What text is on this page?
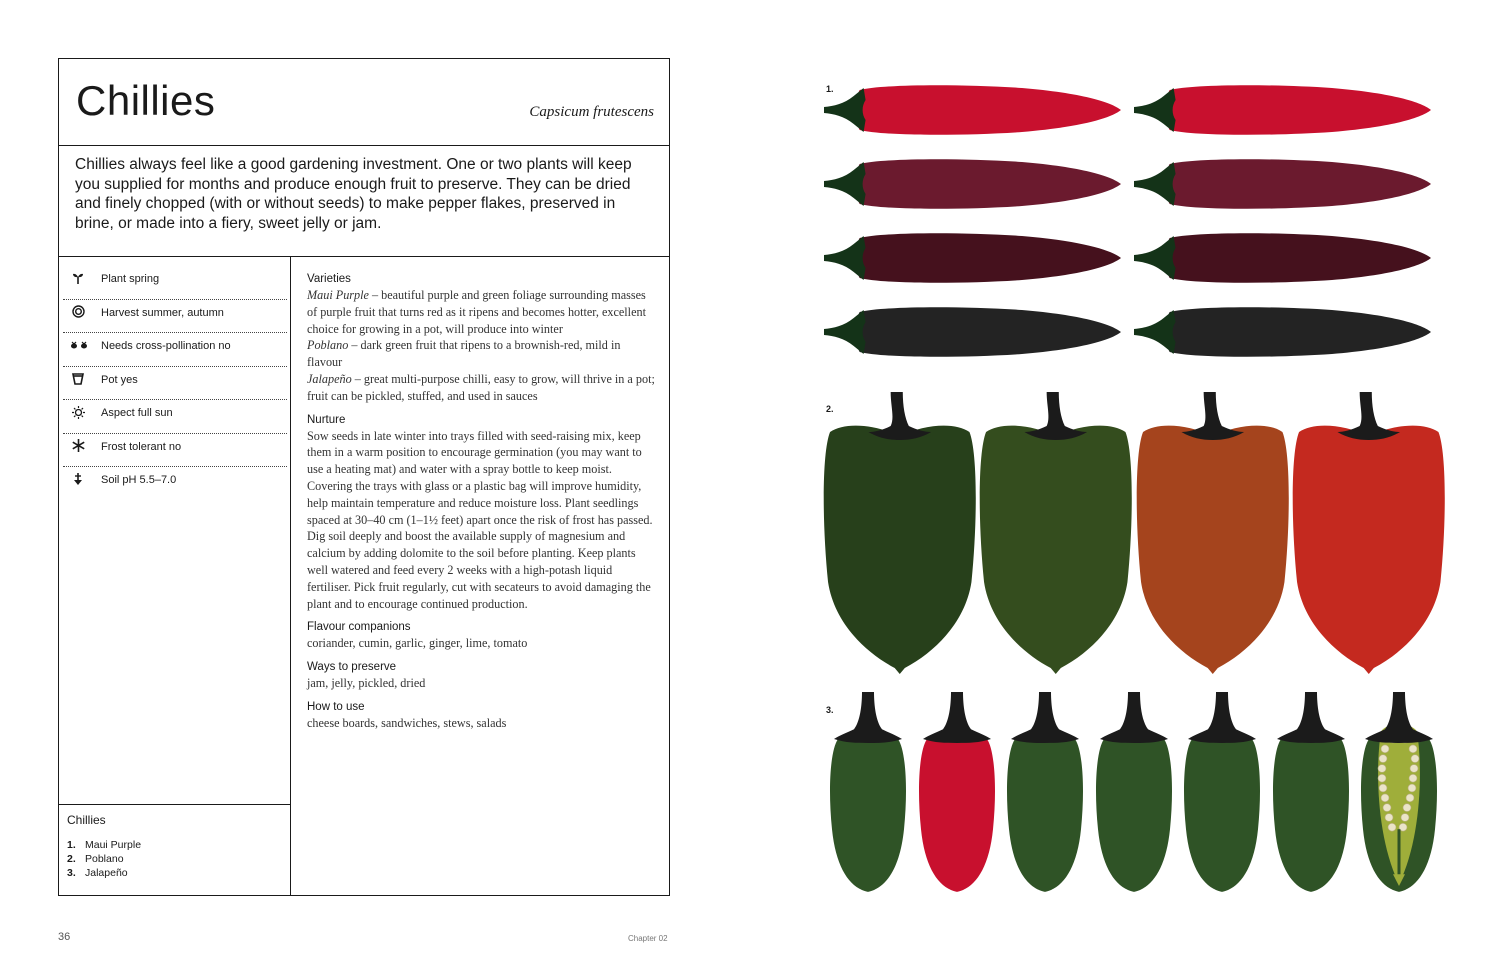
Chillies	Capsicum frutescens
Chillies always feel like a good gardening investment. One or two plants will keep you supplied for months and produce enough fruit to preserve. They can be dried and finely chopped (with or without seeds) to make pepper flakes, preserved in brine, or made into a fiery, sweet jelly or jam.
Plant spring
Harvest summer, autumn
Needs cross-pollination no
Pot yes
Aspect full sun
Frost tolerant no
Soil pH 5.5–7.0
Chillies
1. Maui Purple
2. Poblano
3. Jalapeño

Varieties

Maui Purple – beautiful purple and green foliage surrounding masses of purple fruit that turns red as it ripens and becomes hotter, excellent choice for growing in a pot, will produce into winter
Poblano – dark green fruit that ripens to a brownish-red, mild in flavour
Jalapeño – great multi-purpose chilli, easy to grow, will thrive in a pot; fruit can be pickled, stuffed, and used in sauces

Nurture

Sow seeds in late winter into trays filled with seed-raising mix, keep them in a warm position to encourage germination (you may want to use a heating mat) and water with a spray bottle to keep moist. Covering the trays with glass or a plastic bag will improve humidity, help maintain temperature and reduce moisture loss. Plant seedlings spaced at 30–40 cm (1–1½ feet) apart once the risk of frost has passed. Dig soil deeply and boost the available supply of magnesium and calcium by adding dolomite to the soil before planting. Keep plants well watered and feed every 2 weeks with a high-potash liquid fertiliser. Pick fruit regularly, cut with secateurs to avoid damaging the plant and to encourage continued production.

Flavour companions

coriander, cumin, garlic, ginger, lime, tomato

Ways to preserve

jam, jelly, pickled, dried

How to use

cheese boards, sandwiches, stews, salads

36	Chapter 02
1.
2.
3.
